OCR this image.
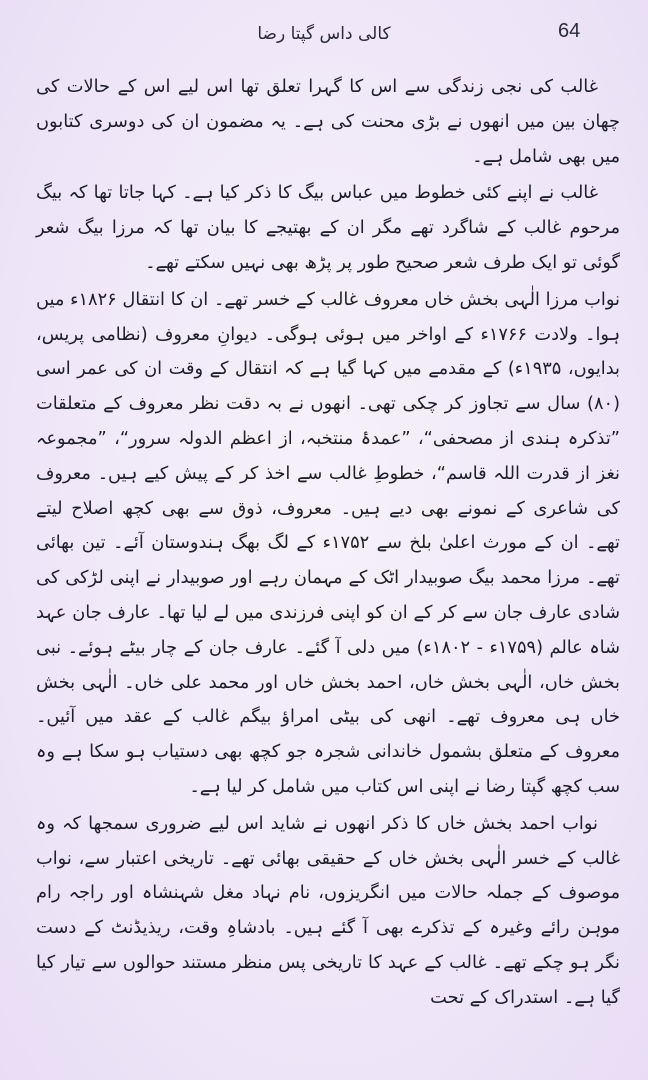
کالی داس گپتا رضا	64

غالب کی نجی زندگی سے اس کا گہرا تعلق تھا اس لیے اس کے حالات کی چھان بین میں انھوں نے بڑی محنت کی ہے۔ یہ مضمون ان کی دوسری کتابوں میں بھی شامل ہے۔

غالب نے اپنے کئی خطوط میں عباس بیگ کا ذکر کیا ہے۔ کہا جاتا تھا کہ بیگ مرحوم غالب کے شاگرد تھے مگر ان کے بھتیجے کا بیان تھا کہ مرزا بیگ شعر گوئی تو ایک طرف شعر صحیح طور پر پڑھ بھی نہیں سکتے تھے۔

نواب مرزا الٰہی بخش خاں معروف غالب کے خسر تھے۔ ان کا انتقال ۱۸۲۶ء میں ہوا۔ ولادت ۱۷۶۶ء کے اواخر میں ہوئی ہوگی۔ دیوانِ معروف (نظامی پریس، بدایوں، ۱۹۳۵ء) کے مقدمے میں کہا گیا ہے کہ انتقال کے وقت ان کی عمر اسی (۸۰) سال سے تجاوز کر چکی تھی۔ انھوں نے بہ دقت نظر معروف کے متعلقات ”تذکرہ ہندی از مصحفی“، ”عمدۂ منتخبہ، از اعظم الدولہ سرور“، ”مجموعہ نغز از قدرت اللہ قاسم“، خطوطِ غالب سے اخذ کر کے پیش کیے ہیں۔ معروف کی شاعری کے نمونے بھی دیے ہیں۔ معروف، ذوق سے بھی کچھ اصلاح لیتے تھے۔ ان کے مورث اعلیٰ بلخ سے ۱۷۵۲ء کے لگ بھگ ہندوستان آئے۔ تین بھائی تھے۔ مرزا محمد بیگ صوبیدار اٹک کے مہمان رہے اور صوبیدار نے اپنی لڑکی کی شادی عارف جان سے کر کے ان کو اپنی فرزندی میں لے لیا تھا۔ عارف جان عہد شاہ عالم (۱۷۵۹ء - ۱۸۰۲ء) میں دلی آ گئے۔ عارف جان کے چار بیٹے ہوئے۔ نبی بخش خاں، الٰہی بخش خاں، احمد بخش خاں اور محمد علی خاں۔ الٰہی بخش خاں ہی معروف تھے۔ انھی کی بیٹی امراؤ بیگم غالب کے عقد میں آئیں۔ معروف کے متعلق بشمول خاندانی شجرہ جو کچھ بھی دستیاب ہو سکا ہے وہ سب کچھ گپتا رضا نے اپنی اس کتاب میں شامل کر لیا ہے۔

نواب احمد بخش خاں کا ذکر انھوں نے شاید اس لیے ضروری سمجھا کہ وہ غالب کے خسر الٰہی بخش خاں کے حقیقی بھائی تھے۔ تاریخی اعتبار سے، نواب موصوف کے جملہ حالات میں انگریزوں، نام نہاد مغل شہنشاہ اور راجہ رام موہن رائے وغیرہ کے تذکرے بھی آ گئے ہیں۔ بادشاہِ وقت، ریذیڈنٹ کے دست نگر ہو چکے تھے۔ غالب کے عہد کا تاریخی پس منظر مستند حوالوں سے تیار کیا گیا ہے۔ استدراک کے تحت
